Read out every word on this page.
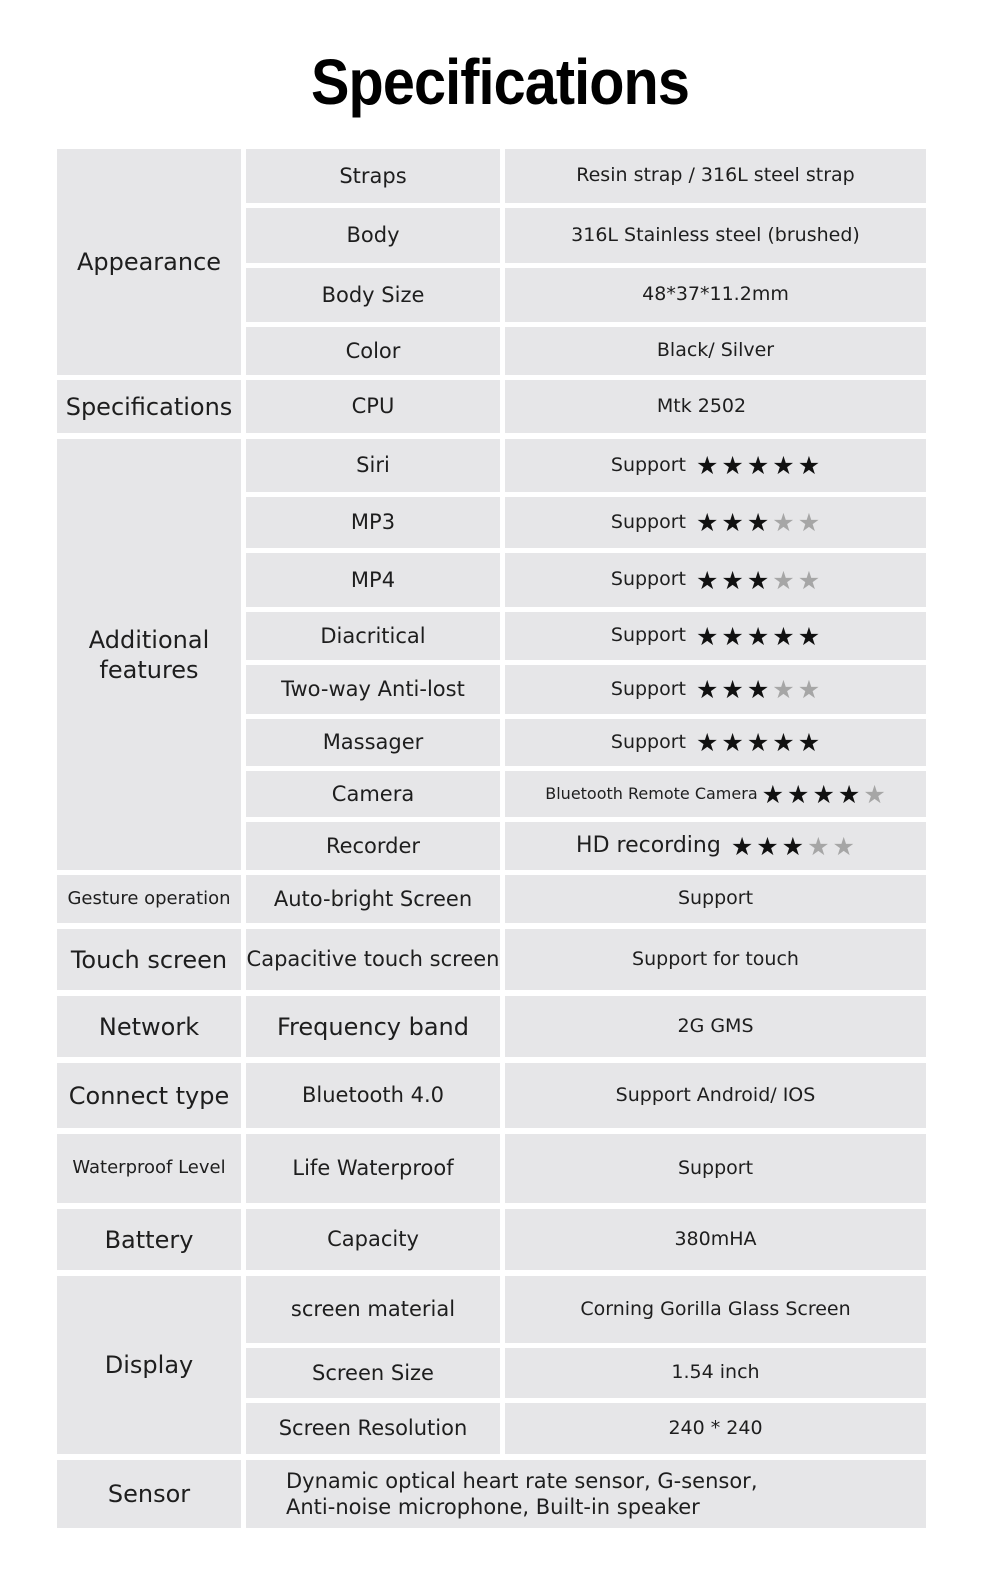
Specifications
Appearance
Specifications
Additional
features
Gesture operation
Touch screen
Network
Connect type
Waterproof Level
Battery
Display
Sensor
Straps
Body
Body Size
Color
CPU
Siri
MP3
MP4
Diacritical
Two-way Anti-lost
Massager
Camera
Recorder
Auto-bright Screen
Capacitive touch screen
Frequency band
Bluetooth 4.0
Life Waterproof
Capacity
screen material
Screen Size
Screen Resolution
Resin strap / 316L steel strap
316L Stainless steel (brushed)
48*37*11.2mm
Black/ Silver
Mtk 2502
Support ★ ★ ★ ★ ★
Support ★ ★ ★ ★ ★
Support ★ ★ ★ ★ ★
Support ★ ★ ★ ★ ★
Support ★ ★ ★ ★ ★
Support ★ ★ ★ ★ ★
Bluetooth Remote Camera ★ ★ ★ ★ ★
HD recording ★ ★ ★ ★ ★
Support
Support for touch
2G GMS
Support Android/ IOS
Support
380mHA
Corning Gorilla Glass Screen
1.54 inch
240 * 240
Dynamic optical heart rate sensor, G-sensor,
Anti-noise microphone, Built-in speaker
